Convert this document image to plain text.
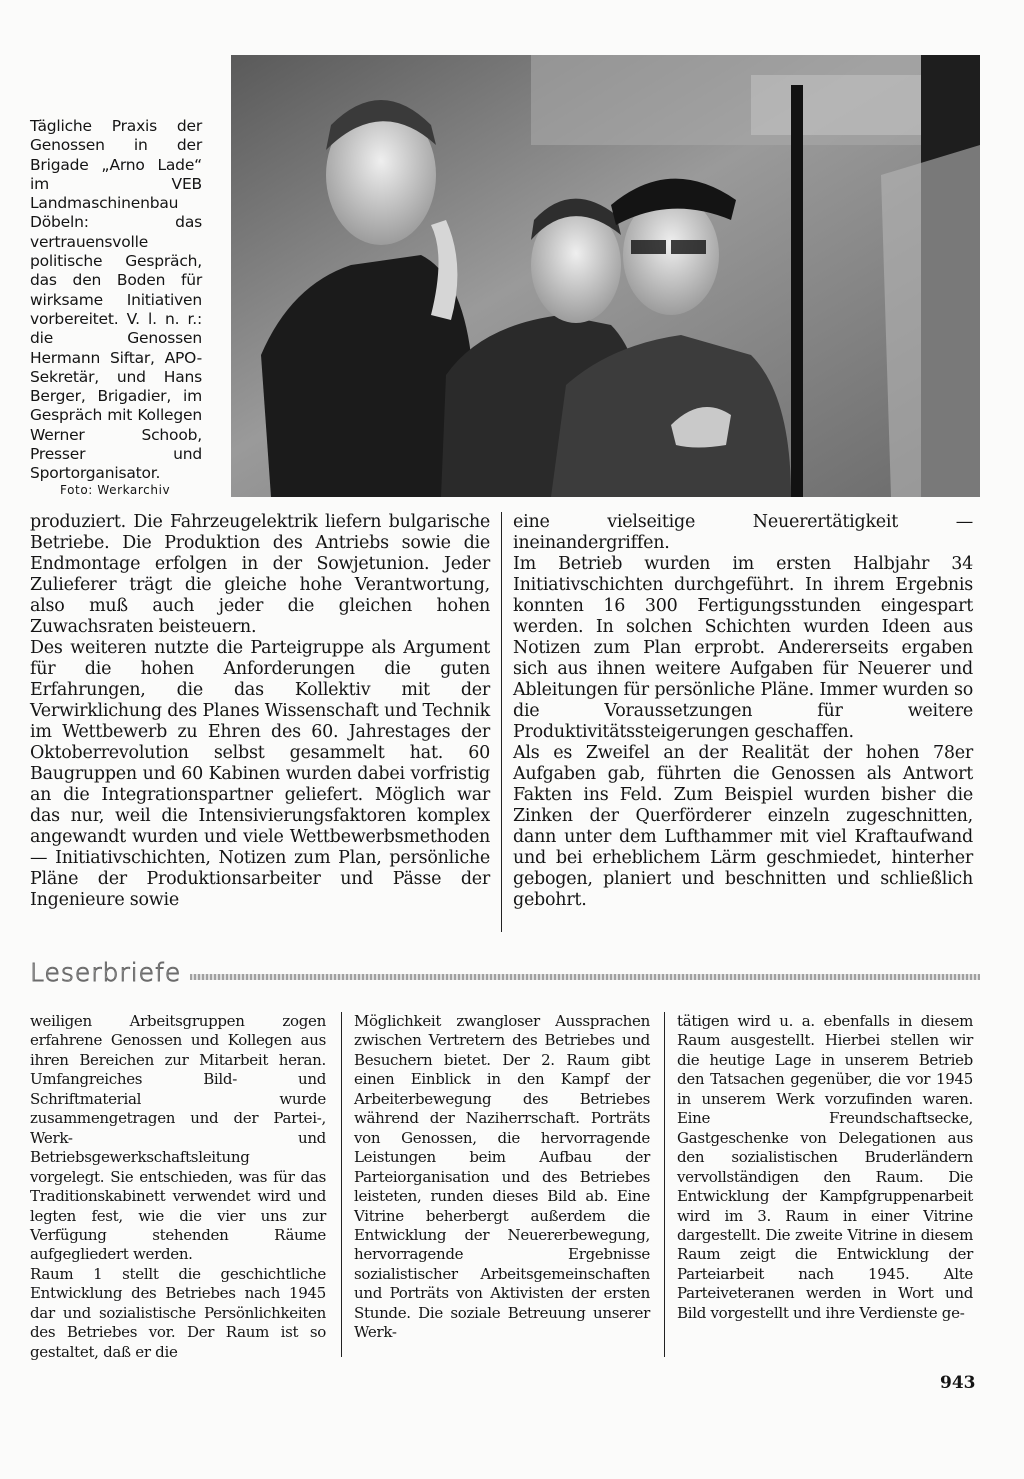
Tägliche Praxis der Genossen in der Brigade „Arno Lade“ im VEB Landmaschinenbau Döbeln: das vertrauensvolle politische Gespräch, das den Boden für wirksame Initiativen vorbereitet. V. l. n. r.: die Genossen Hermann Siftar, APO-Sekretär, und Hans Berger, Brigadier, im Gespräch mit Kollegen Werner Schoob, Presser und Sportorganisator.
Foto: Werkarchiv

produziert. Die Fahrzeugelektrik liefern bulgarische Betriebe. Die Produktion des Antriebs sowie die Endmontage erfolgen in der Sowjetunion. Jeder Zulieferer trägt die gleiche hohe Verantwortung, also muß auch jeder die gleichen hohen Zuwachsraten beisteuern.

Des weiteren nutzte die Parteigruppe als Argument für die hohen Anforderungen die guten Erfahrungen, die das Kollektiv mit der Verwirklichung des Planes Wissenschaft und Technik im Wettbewerb zu Ehren des 60. Jahrestages der Oktoberrevolution selbst gesammelt hat. 60 Baugruppen und 60 Kabinen wurden dabei vorfristig an die Integrationspartner geliefert. Möglich war das nur, weil die Intensivierungsfaktoren komplex angewandt wurden und viele Wettbewerbsmethoden — Initiativschichten, Notizen zum Plan, persönliche Pläne der Produktionsarbeiter und Pässe der Ingenieure sowie

eine vielseitige Neuerertätigkeit — ineinandergriffen.

Im Betrieb wurden im ersten Halbjahr 34 Initiativschichten durchgeführt. In ihrem Ergebnis konnten 16 300 Fertigungsstunden eingespart werden. In solchen Schichten wurden Ideen aus Notizen zum Plan erprobt. Andererseits ergaben sich aus ihnen weitere Aufgaben für Neuerer und Ableitungen für persönliche Pläne. Immer wurden so die Voraussetzungen für weitere Produktivitätssteigerungen geschaffen.

Als es Zweifel an der Realität der hohen 78er Aufgaben gab, führten die Genossen als Antwort Fakten ins Feld. Zum Beispiel wurden bisher die Zinken der Querförderer einzeln zugeschnitten, dann unter dem Lufthammer mit viel Kraftaufwand und bei erheblichem Lärm geschmiedet, hinterher gebogen, planiert und beschnitten und schließlich gebohrt.

Leserbriefe

weiligen Arbeitsgruppen zogen erfahrene Genossen und Kollegen aus ihren Bereichen zur Mitarbeit heran. Umfangreiches Bild- und Schriftmaterial wurde zusammengetragen und der Partei-, Werk- und Betriebsgewerkschaftsleitung vorgelegt. Sie entschieden, was für das Traditionskabinett verwendet wird und legten fest, wie die vier uns zur Verfügung stehenden Räume aufgegliedert werden.

Raum 1 stellt die geschichtliche Entwicklung des Betriebes nach 1945 dar und sozialistische Persönlichkeiten des Betriebes vor. Der Raum ist so gestaltet, daß er die

Möglichkeit zwangloser Aussprachen zwischen Vertretern des Betriebes und Besuchern bietet. Der 2. Raum gibt einen Einblick in den Kampf der Arbeiterbewegung des Betriebes während der Naziherrschaft. Porträts von Genossen, die hervorragende Leistungen beim Aufbau der Parteiorganisation und des Betriebes leisteten, runden dieses Bild ab. Eine Vitrine beherbergt außerdem die Entwicklung der Neuererbewegung, hervorragende Ergebnisse sozialistischer Arbeitsgemeinschaften und Porträts von Aktivisten der ersten Stunde. Die soziale Betreuung unserer Werk-

tätigen wird u. a. ebenfalls in diesem Raum ausgestellt. Hierbei stellen wir die heutige Lage in unserem Betrieb den Tatsachen gegenüber, die vor 1945 in unserem Werk vorzufinden waren. Eine Freundschaftsecke, Gastgeschenke von Delegationen aus den sozialistischen Bruderländern vervollständigen den Raum. Die Entwicklung der Kampfgruppenarbeit wird im 3. Raum in einer Vitrine dargestellt. Die zweite Vitrine in diesem Raum zeigt die Entwicklung der Parteiarbeit nach 1945. Alte Parteiveteranen werden in Wort und Bild vorgestellt und ihre Verdienste ge-

943
